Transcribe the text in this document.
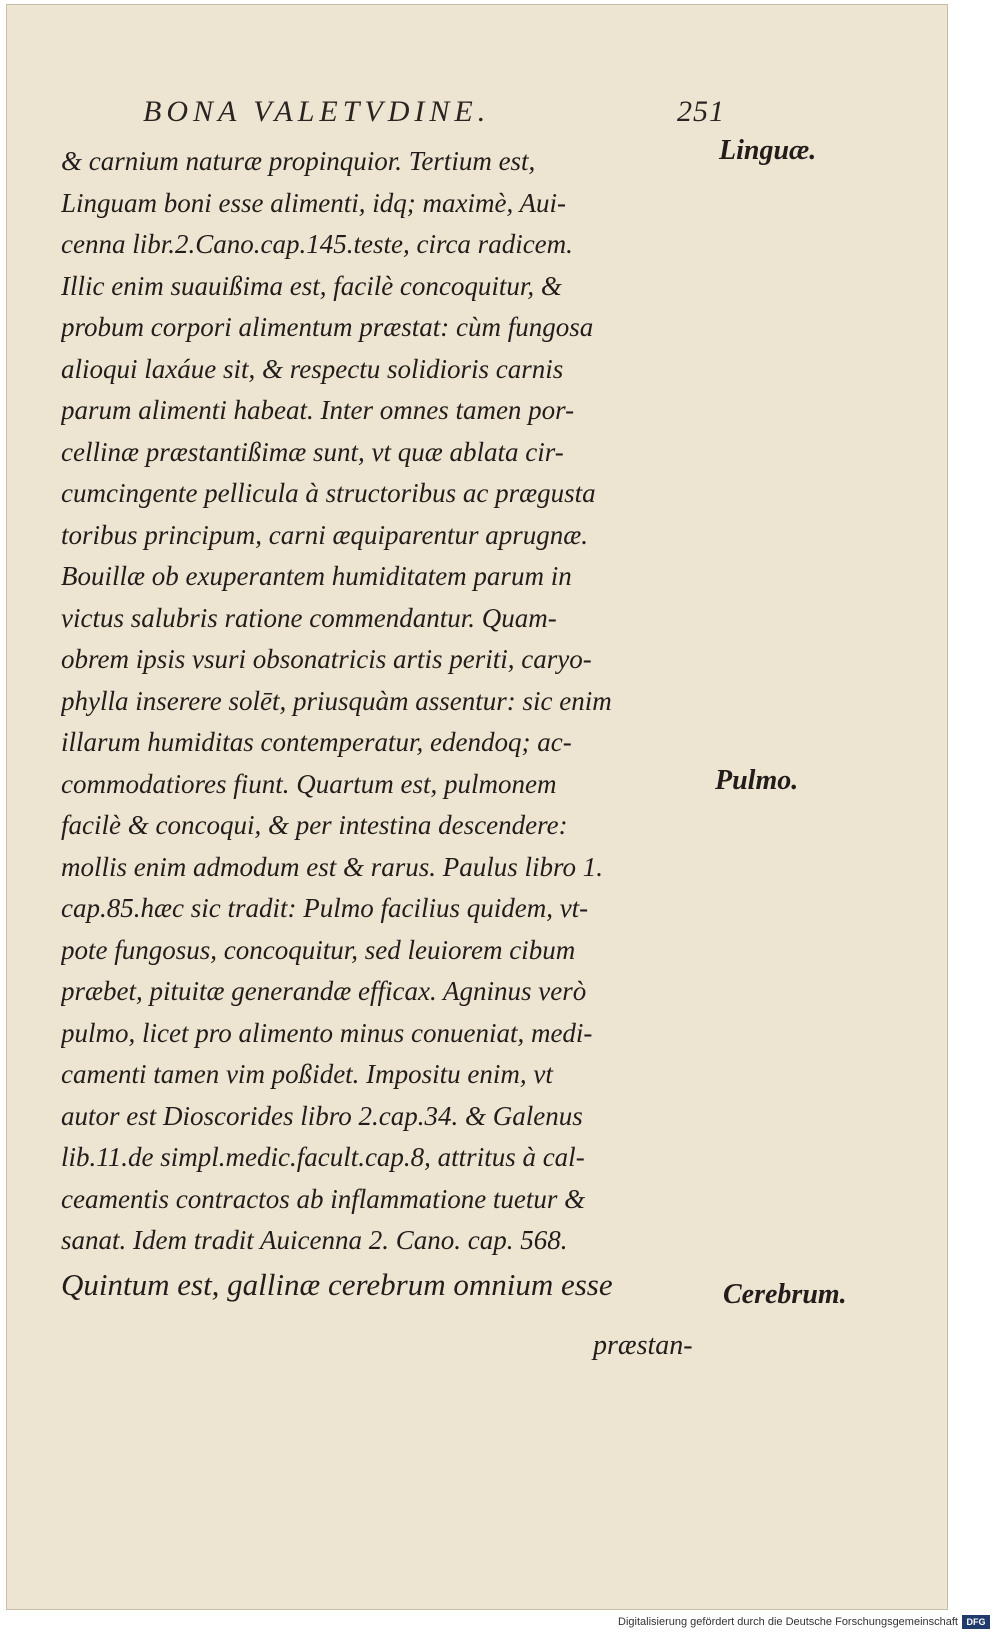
BONA VALETVDINE.	251
& carnium naturæ propinquior. Tertium est,
Linguam boni esse alimenti, idq; maximè, Aui-
cenna libr.2.Cano.cap.145.teste, circa radicem.
Illic enim suauißima est, facilè concoquitur, &
probum corpori alimentum præstat: cùm fungosa
alioqui laxáue sit, & respectu solidioris carnis
parum alimenti habeat. Inter omnes tamen por-
cellinæ præstantißimæ sunt, vt quæ ablata cir-
cumcingente pellicula à structoribus ac prægusta
toribus principum, carni æquiparentur aprugnæ.
Bouillæ ob exuperantem humiditatem parum in
victus salubris ratione commendantur. Quam-
obrem ipsis vsuri obsonatricis artis periti, caryo-
phylla inserere solēt, priusquàm assentur: sic enim
illarum humiditas contemperatur, edendoq; ac-
commodatiores fiunt. Quartum est, pulmonem
facilè & concoqui, & per intestina descendere:
mollis enim admodum est & rarus. Paulus libro 1.
cap.85.hæc sic tradit: Pulmo facilius quidem, vt-
pote fungosus, concoquitur, sed leuiorem cibum
præbet, pituitæ generandæ efficax. Agninus verò
pulmo, licet pro alimento minus conueniat, medi-
camenti tamen vim poßidet. Impositu enim, vt
autor est Dioscorides libro 2.cap.34. & Galenus
lib.11.de simpl.medic.facult.cap.8, attritus à cal-
ceamentis contractos ab inflammatione tuetur &
sanat. Idem tradit Auicenna 2. Cano. cap. 568.
Quintum est, gallinæ cerebrum omnium esse
præstan-
Linguæ.
Pulmo.
Cerebrum.
Digitalisierung gefördert durch die Deutsche Forschungsgemeinschaft DFG
